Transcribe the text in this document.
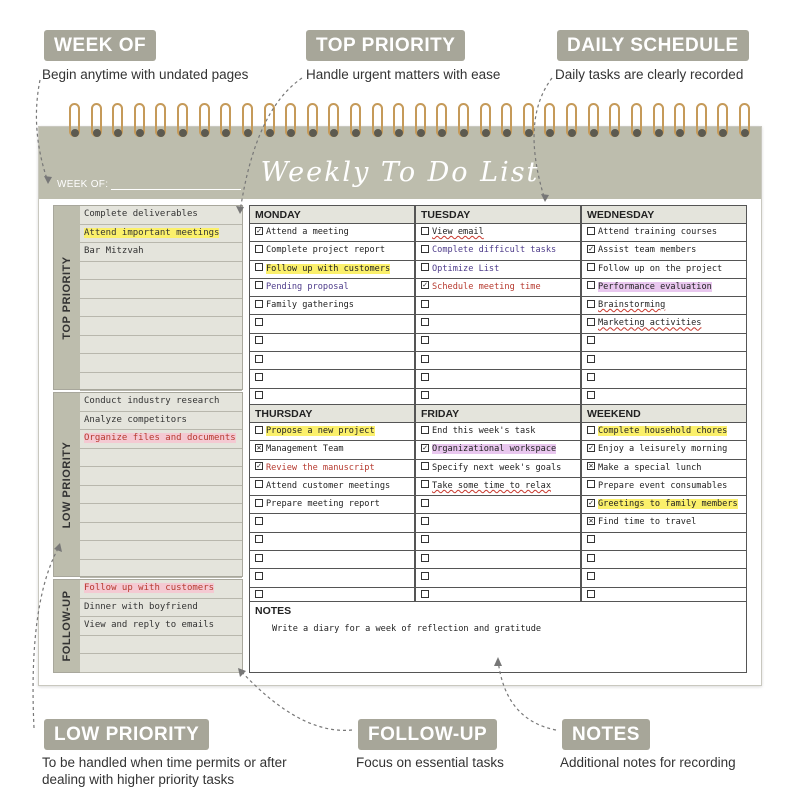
WEEK OF
Begin anytime with undated pages
TOP PRIORITY
Handle urgent matters with ease
DAILY SCHEDULE
Daily tasks are clearly recorded
LOW PRIORITY
To be handled when time permits or after dealing with higher priority tasks
FOLLOW-UP
Focus on essential tasks
NOTES
Additional notes for recording
WEEK OF:	Weekly To Do List
TOP PRIORITY
Complete deliverables
Attend important meetings
Bar Mitzvah
LOW PRIORITY
Conduct industry research
Analyze competitors
Organize files and documents
FOLLOW-UP
Follow up with customers
Dinner with boyfriend
View and reply to emails
MONDAY
✓ Attend a meeting
Complete project report
Follow up with customers
Pending proposal
Family gatherings
TUESDAY
View email
Complete difficult tasks
Optimize List
✓ Schedule meeting time
WEDNESDAY
Attend training courses
✓ Assist team members
Follow up on the project
Performance evaluation
Brainstorming
Marketing activities
THURSDAY
Propose a new project
✕ Management Team
✓ Review the manuscript
Attend customer meetings
Prepare meeting report
FRIDAY
End this week's task
✓ Organizational workspace
Specify next week's goals
Take some time to relax
WEEKEND
Complete household chores
✓ Enjoy a leisurely morning
✕ Make a special lunch
Prepare event consumables
✓ Greetings to family members
✕ Find time to travel
NOTES
Write a diary for a week of reflection and gratitude
